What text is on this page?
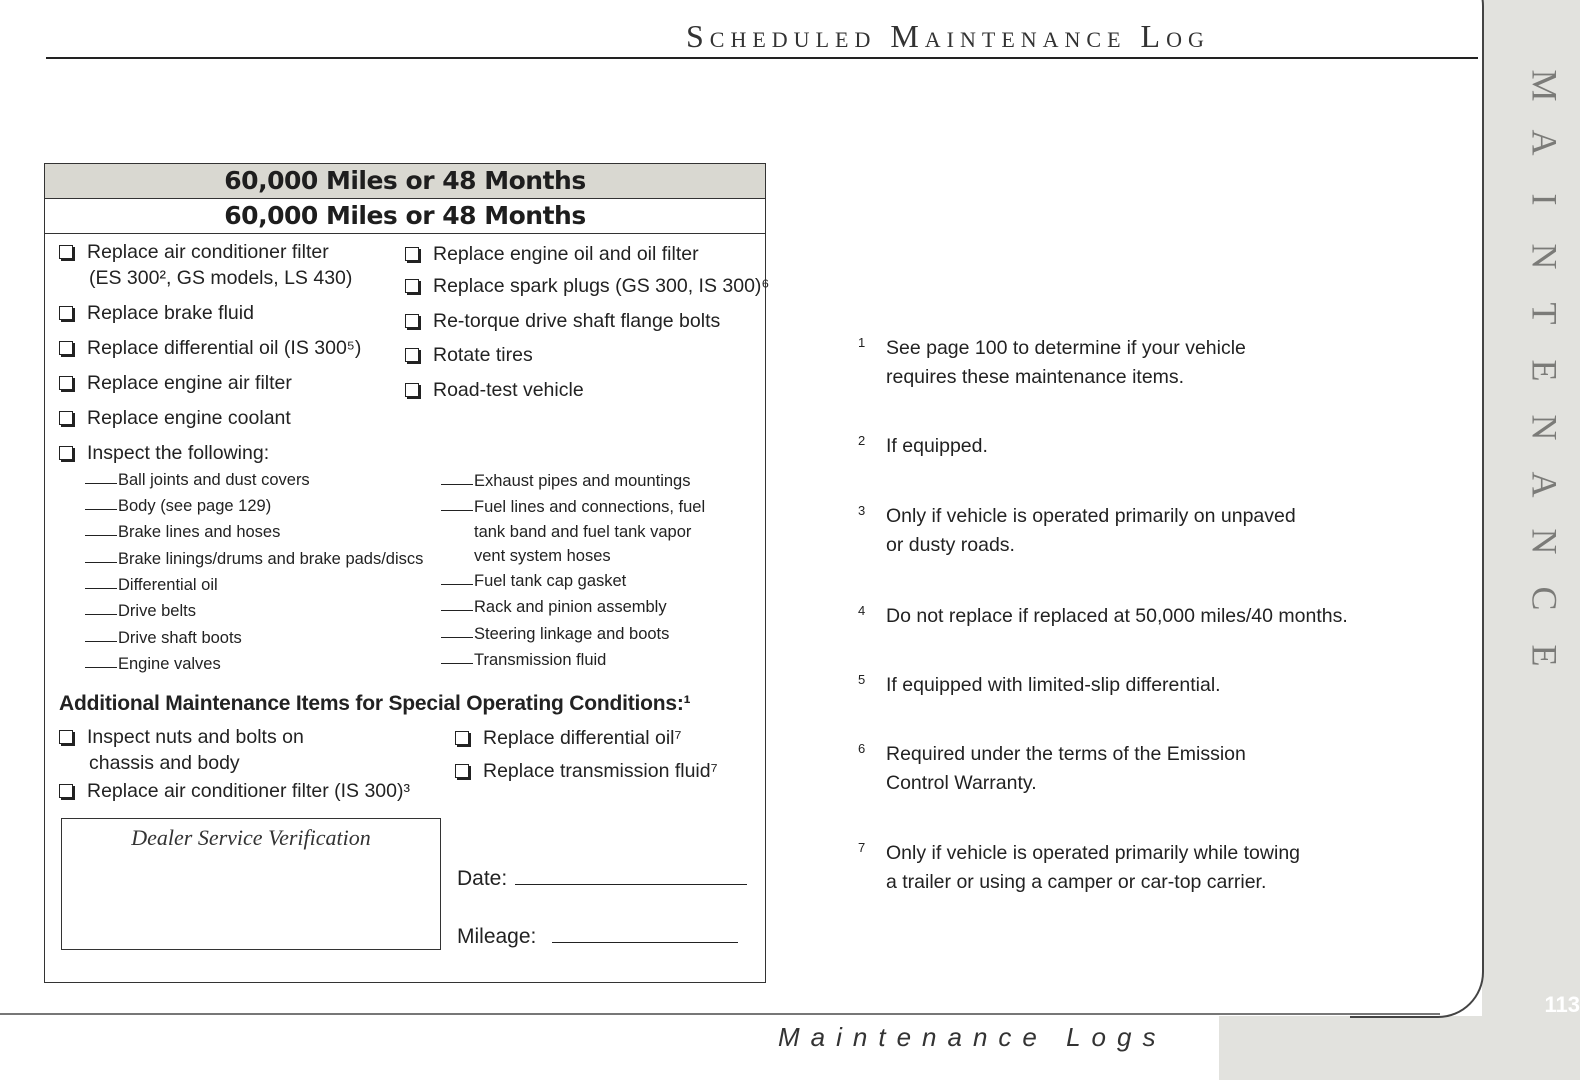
Scheduled Maintenance Log
M
A
I
N
T
E
N
A
N
C
E
113
Maintenance Logs
60,000 Miles or 48 Months
60,000 Miles or 48 Months
Replace air conditioner filter
(ES 300², GS models, LS 430)
Replace brake fluid
Replace differential oil (IS 300⁵)
Replace engine air filter
Replace engine coolant
Inspect the following:
Replace engine oil and oil filter
Replace spark plugs (GS 300, IS 300)⁶
Re-torque drive shaft flange bolts
Rotate tires
Road-test vehicle
Ball joints and dust covers
Body (see page 129)
Brake lines and hoses
Brake linings/drums and brake pads/discs
Differential oil
Drive belts
Drive shaft boots
Engine valves
Exhaust pipes and mountings
Fuel lines and connections, fuel
tank band and fuel tank vapor
vent system hoses
Fuel tank cap gasket
Rack and pinion assembly
Steering linkage and boots
Transmission fluid
Additional Maintenance Items for Special Operating Conditions:¹
Inspect nuts and bolts on
chassis and body
Replace air conditioner filter (IS 300)³
Replace differential oil⁷
Replace transmission fluid⁷
Dealer Service Verification
Date:
Mileage:
1 See page 100 to determine if your vehicle requires these maintenance items.
2 If equipped.
3 Only if vehicle is operated primarily on unpaved or dusty roads.
4 Do not replace if replaced at 50,000 miles/40 months.
5 If equipped with limited-slip differential.
6 Required under the terms of the Emission Control Warranty.
7 Only if vehicle is operated primarily while towing a trailer or using a camper or car-top carrier.
